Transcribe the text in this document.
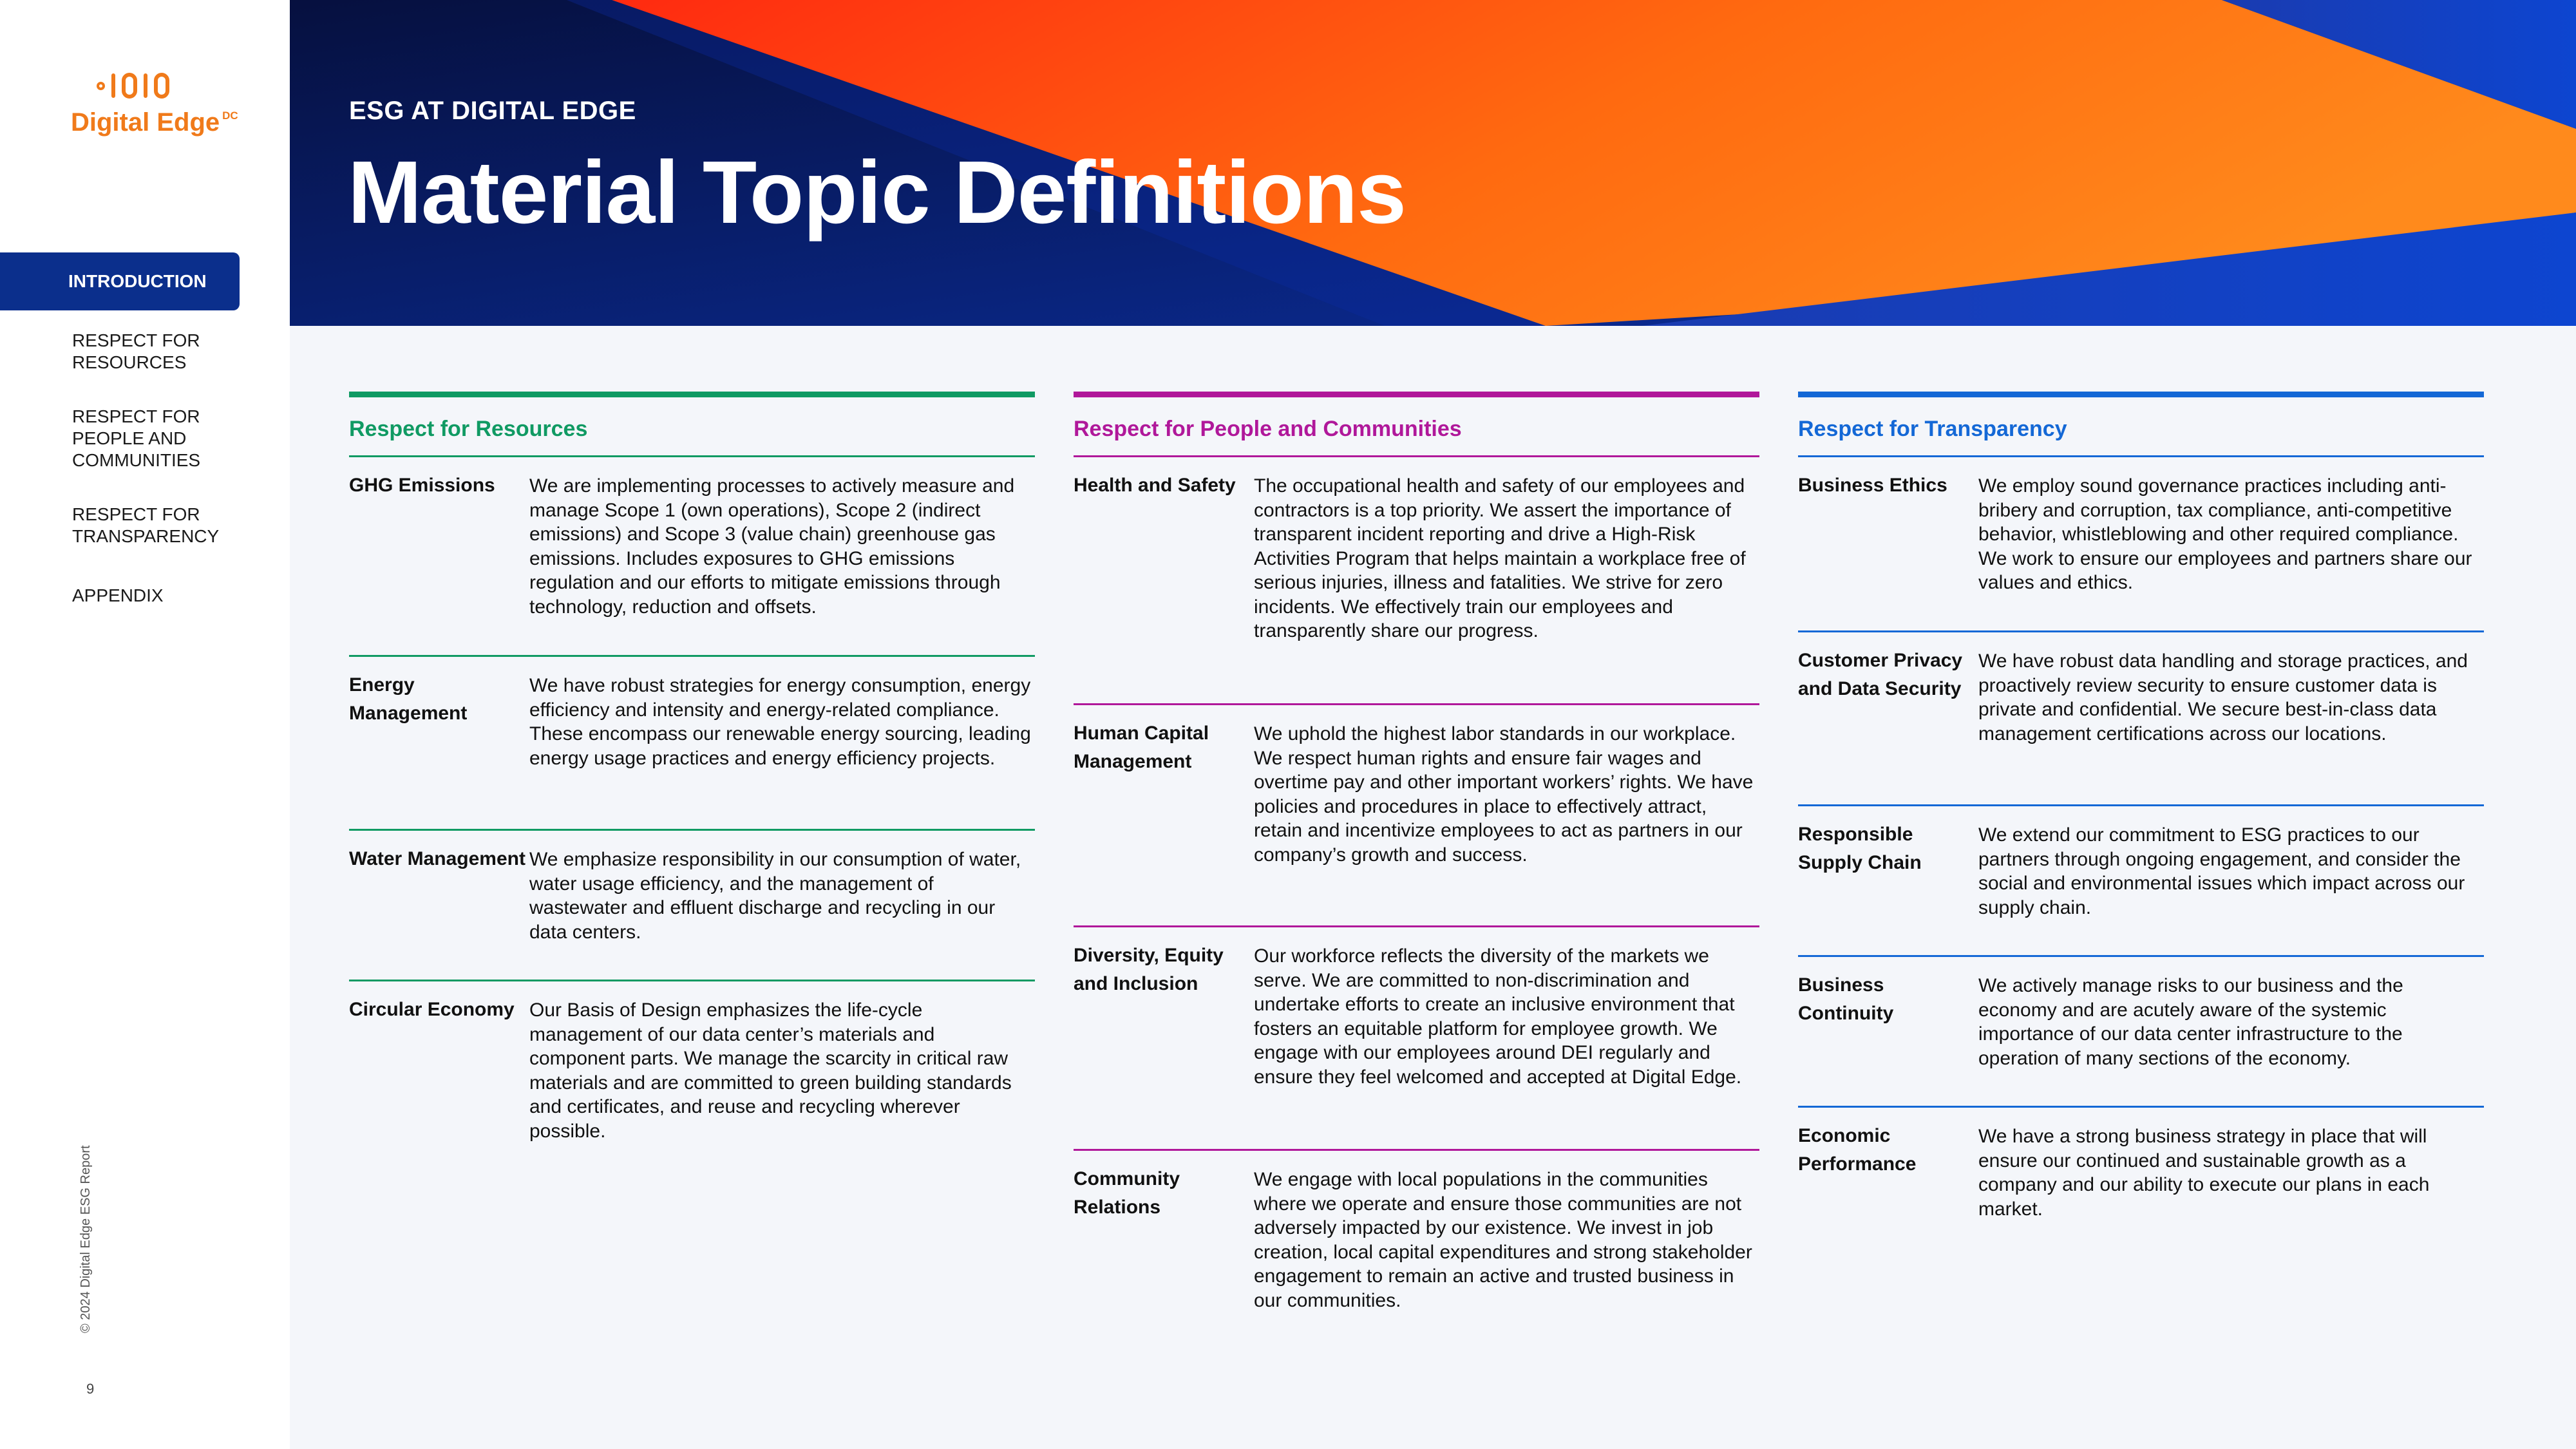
Digital Edge $^{DC}$
INTRODUCTION
RESPECT FOR
RESOURCES
RESPECT FOR
PEOPLE AND
COMMUNITIES
RESPECT FOR
TRANSPARENCY
APPENDIX
© 2024 Digital Edge ESG Report
9
ESG AT DIGITAL EDGE
Material Topic Definitions
Respect for Resources
GHG Emissions	We are implementing processes to actively measure and manage Scope 1 (own operations), Scope 2 (indirect emissions) and Scope 3 (value chain) greenhouse gas emissions. Includes exposures to GHG emissions regulation and our efforts to mitigate emissions through technology, reduction and offsets.
Energy Management
We have robust strategies for energy consumption, energy efficiency and intensity and energy-related compliance. These encompass our renewable energy sourcing, leading energy usage practices and energy efficiency projects.
Water Management We emphasize responsibility in our consumption of water, water usage efficiency, and the management of wastewater and effluent discharge and recycling in our data centers.
Circular Economy Our Basis of Design emphasizes the life-cycle management of our data center’s materials and component parts. We manage the scarcity in critical raw materials and are committed to green building standards and certificates, and reuse and recycling wherever possible.
Respect for People and Communities
Health and Safety The occupational health and safety of our employees and contractors is a top priority. We assert the importance of transparent incident reporting and drive a High-Risk Activities Program that helps maintain a workplace free of serious injuries, illness and fatalities. We strive for zero incidents. We effectively train our employees and transparently share our progress.
Human Capital Management
We uphold the highest labor standards in our workplace. We respect human rights and ensure fair wages and overtime pay and other important workers’ rights. We have policies and procedures in place to effectively attract, retain and incentivize employees to act as partners in our company’s growth and success.
Diversity, Equity and Inclusion
Our workforce reflects the diversity of the markets we serve. We are committed to non-discrimination and undertake efforts to create an inclusive environment that fosters an equitable platform for employee growth. We engage with our employees around DEI regularly and ensure they feel welcomed and accepted at Digital Edge.
Community Relations
We engage with local populations in the communities where we operate and ensure those communities are not adversely impacted by our existence. We invest in job creation, local capital expenditures and strong stakeholder engagement to remain an active and trusted business in our communities.
Respect for Transparency
Business Ethics	We employ sound governance practices including anti-bribery and corruption, tax compliance, anti-competitive behavior, whistleblowing and other required compliance. We work to ensure our employees and partners share our values and ethics.
Customer Privacy and Data Security
We have robust data handling and storage practices, and proactively review security to ensure customer data is private and confidential. We secure best-in-class data management certifications across our locations.
Responsible Supply Chain
We extend our commitment to ESG practices to our partners through ongoing engagement, and consider the social and environmental issues which impact across our supply chain.
Business Continuity
We actively manage risks to our business and the economy and are acutely aware of the systemic importance of our data center infrastructure to the operation of many sections of the economy.
Economic Performance
We have a strong business strategy in place that will ensure our continued and sustainable growth as a company and our ability to execute our plans in each market.
